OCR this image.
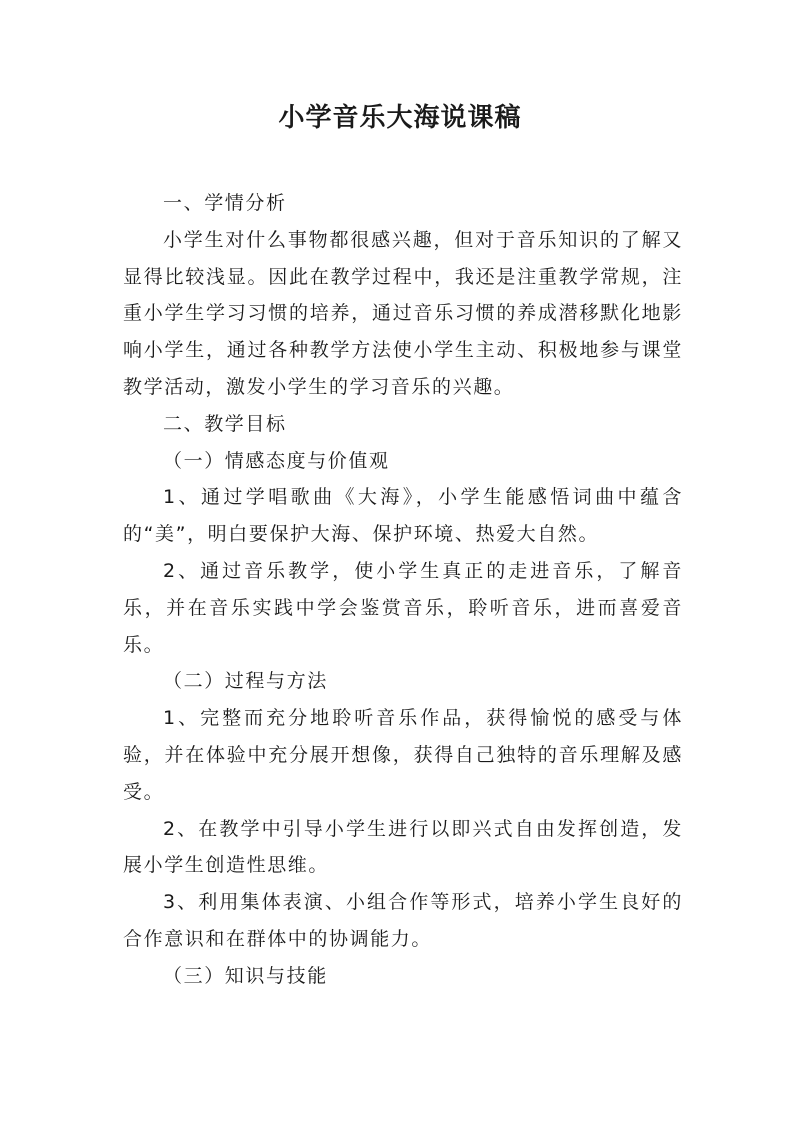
小学音乐大海说课稿

一、学情分析

小学生对什么事物都很感兴趣，但对于音乐知识的了解又显得比较浅显。因此在教学过程中，我还是注重教学常规，注重小学生学习习惯的培养，通过音乐习惯的养成潜移默化地影响小学生，通过各种教学方法使小学生主动、积极地参与课堂教学活动，激发小学生的学习音乐的兴趣。

二、教学目标

（一）情感态度与价值观

1、通过学唱歌曲《大海》，小学生能感悟词曲中蕴含的“美”，明白要保护大海、保护环境、热爱大自然。

2、通过音乐教学，使小学生真正的走进音乐，了解音乐，并在音乐实践中学会鉴赏音乐，聆听音乐，进而喜爱音乐。

（二）过程与方法

1、完整而充分地聆听音乐作品，获得愉悦的感受与体验，并在体验中充分展开想像，获得自己独特的音乐理解及感受。

2、在教学中引导小学生进行以即兴式自由发挥创造，发展小学生创造性思维。

3、利用集体表演、小组合作等形式，培养小学生良好的合作意识和在群体中的协调能力。

（三）知识与技能
